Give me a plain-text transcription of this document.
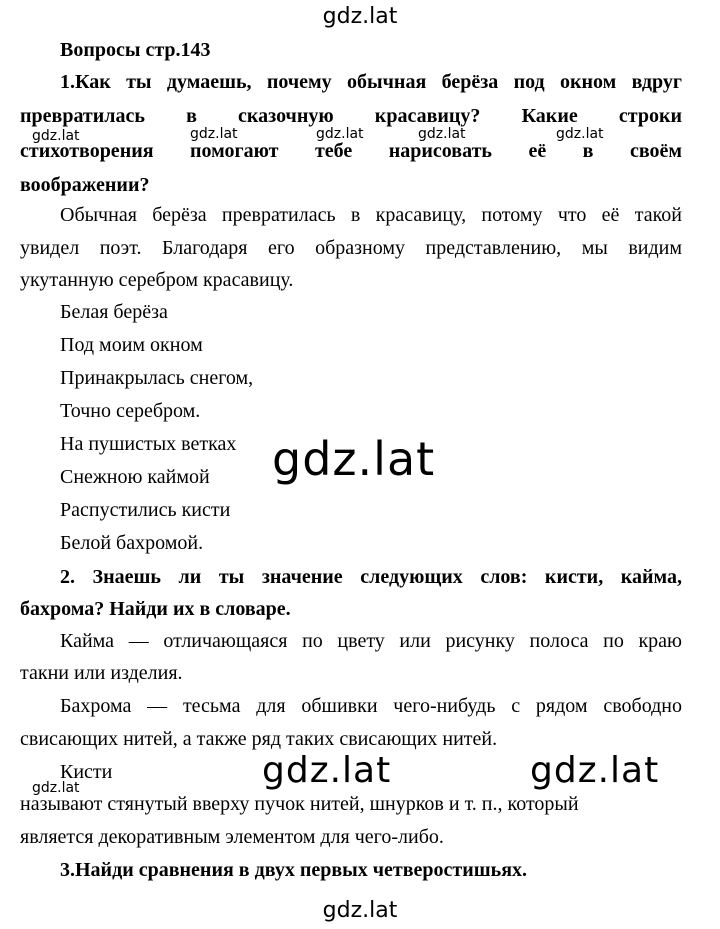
gdz.lat
gdz.lat
gdz.lat
gdz.lat	gdz.lat
gdz.lat	gdz.lat	gdz.lat	gdz.lat	gdz.lat
gdz.lat
Вопросы стр.143
1.Как ты думаешь, почему обычная берёза под окном вдруг
превратилась в сказочную красавицу? Какие строки
стихотворения помогают тебе нарисовать её в своём
воображении?
Обычная берёза превратилась в красавицу, потому что её такой
увидел поэт. Благодаря его образному представлению, мы видим
укутанную серебром красавицу.
Белая берёза
Под моим окном
Принакрылась снегом,
Точно серебром.
На пушистых ветках
Снежною каймой
Распустились кисти
Белой бахромой.
2. Знаешь ли ты значение следующих слов: кисти, кайма,
бахрома? Найди их в словаре.
Кайма — отличающаяся по цвету или рисунку полоса по краю
такни или изделия.
Бахрома — тесьма для обшивки чего-нибудь с рядом свободно
свисающих нитей, а также ряд таких свисающих нитей.
Кисти
называют стянутый вверху пучок нитей, шнурков и т. п., который
является декоративным элементом для чего-либо.
3.Найди сравнения в двух первых четверостишьях.
